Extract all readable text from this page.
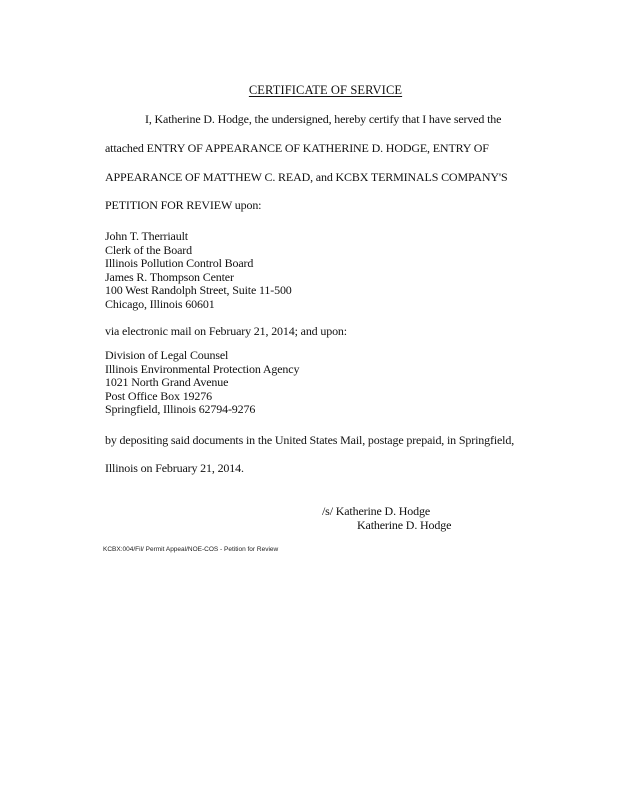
CERTIFICATE OF SERVICE

I, Katherine D. Hodge, the undersigned, hereby certify that I have served the

attached ENTRY OF APPEARANCE OF KATHERINE D. HODGE, ENTRY OF

APPEARANCE OF MATTHEW C. READ, and KCBX TERMINALS COMPANY'S

PETITION FOR REVIEW upon:

John T. Therriault
Clerk of the Board
Illinois Pollution Control Board
James R. Thompson Center
100 West Randolph Street, Suite 11-500
Chicago, Illinois 60601

via electronic mail on February 21, 2014; and upon:

Division of Legal Counsel
Illinois Environmental Protection Agency
1021 North Grand Avenue
Post Office Box 19276
Springfield, Illinois 62794-9276

by depositing said documents in the United States Mail, postage prepaid, in Springfield,

Illinois on February 21, 2014.

/s/ Katherine D. Hodge

Katherine D. Hodge

KCBX:004/Fil/ Permit Appeal/NOE-COS - Petition for Review
